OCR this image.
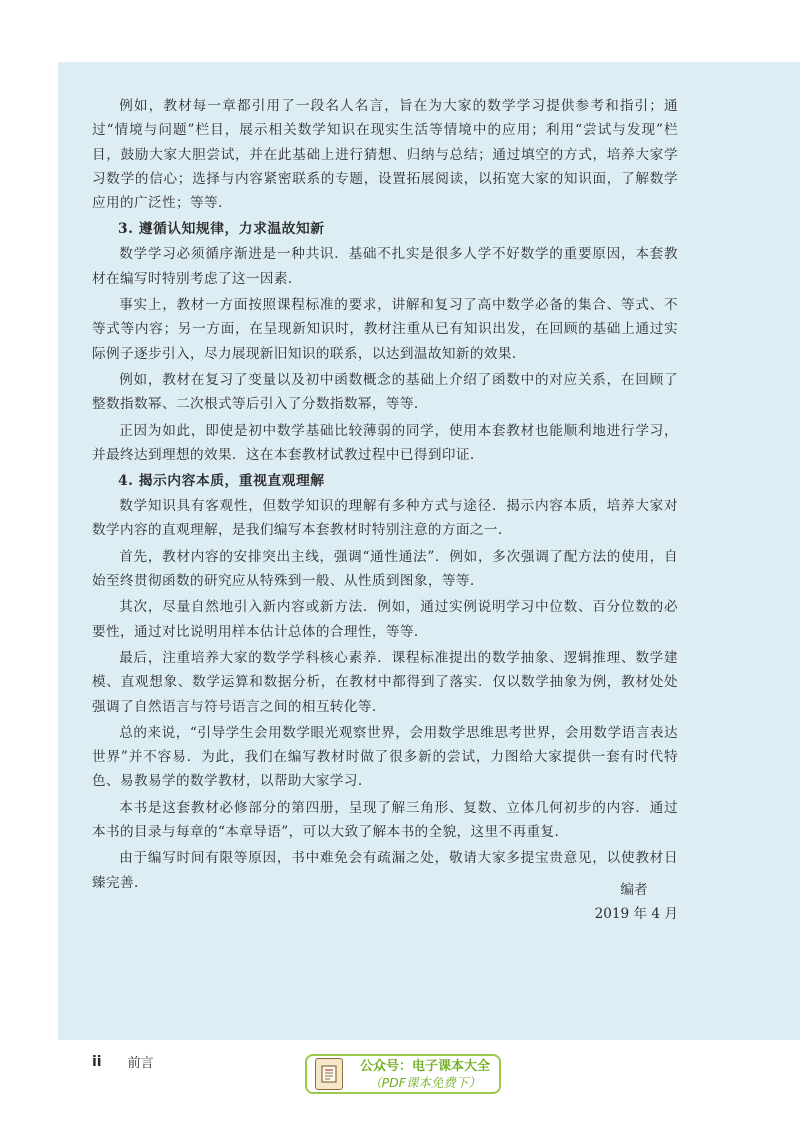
例如，教材每一章都引用了一段名人名言，旨在为大家的数学学习提供参考和指引；通过“情境与问题”栏目，展示相关数学知识在现实生活等情境中的应用；利用“尝试与发现”栏目，鼓励大家大胆尝试，并在此基础上进行猜想、归纳与总结；通过填空的方式，培养大家学习数学的信心；选择与内容紧密联系的专题，设置拓展阅读，以拓宽大家的知识面，了解数学应用的广泛性；等等.

3. 遵循认知规律，力求温故知新

数学学习必须循序渐进是一种共识．基础不扎实是很多人学不好数学的重要原因，本套教材在编写时特别考虑了这一因素.

事实上，教材一方面按照课程标准的要求，讲解和复习了高中数学必备的集合、等式、不等式等内容；另一方面，在呈现新知识时，教材注重从已有知识出发，在回顾的基础上通过实际例子逐步引入，尽力展现新旧知识的联系，以达到温故知新的效果.

例如，教材在复习了变量以及初中函数概念的基础上介绍了函数中的对应关系，在回顾了整数指数幂、二次根式等后引入了分数指数幂，等等.

正因为如此，即使是初中数学基础比较薄弱的同学，使用本套教材也能顺利地进行学习，并最终达到理想的效果．这在本套教材试教过程中已得到印证.

4. 揭示内容本质，重视直观理解

数学知识具有客观性，但数学知识的理解有多种方式与途径．揭示内容本质，培养大家对数学内容的直观理解，是我们编写本套教材时特别注意的方面之一.

首先，教材内容的安排突出主线，强调“通性通法”．例如，多次强调了配方法的使用，自始至终贯彻函数的研究应从特殊到一般、从性质到图象，等等.

其次，尽量自然地引入新内容或新方法．例如，通过实例说明学习中位数、百分位数的必要性，通过对比说明用样本估计总体的合理性，等等.

最后，注重培养大家的数学学科核心素养．课程标准提出的数学抽象、逻辑推理、数学建模、直观想象、数学运算和数据分析，在教材中都得到了落实．仅以数学抽象为例，教材处处强调了自然语言与符号语言之间的相互转化等.

总的来说，“引导学生会用数学眼光观察世界，会用数学思维思考世界，会用数学语言表达世界”并不容易．为此，我们在编写教材时做了很多新的尝试，力图给大家提供一套有时代特色、易教易学的数学教材，以帮助大家学习.

本书是这套教材必修部分的第四册，呈现了解三角形、复数、立体几何初步的内容．通过本书的目录与每章的“本章导语”，可以大致了解本书的全貌，这里不再重复.

由于编写时间有限等原因，书中难免会有疏漏之处，敬请大家多提宝贵意见，以使教材日臻完善.	编者
2019 年 4 月
ii 前言	公众号：电子课本大全
（PDF课本免费下）
